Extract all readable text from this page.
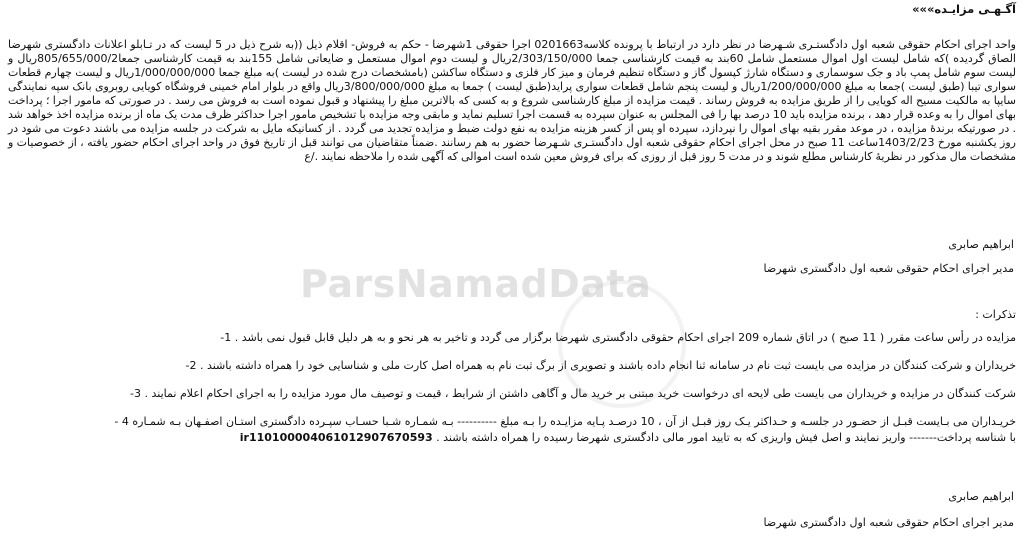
آگـهـی مزایـده»»»
واحد اجرای احکام حقوقی شعبه اول دادگستـری شـهرضا در نظر دارد در ارتباط با پرونده کلاسه0201663 اجرا حقوقی 1شهرضا - حکم به فروش- اقلام ذیل ((به شرح ذیل در 5 لیست که در تـابلو اعلانات دادگستری شهرضا الصاق گردیده )که شامل لیست اول اموال مستعمل شامل 60بند به قیمت کارشناسی جمعا 2/303/150/000ریال و لیست دوم اموال مستعمل و ضایعاتی شامل 155بند به قیمت کارشناسی جمعا805/655/000/2ریال و لیست سوم شامل پمپ باد و جک سوسماری و دستگاه شارژ کپسول گاز و دستگاه تنظیم فرمان و میز کار فلزی و دستگاه ساکشن (بامشخصات درج شده در لیست )به مبلغ جمعا 1/000/000/000ریال و لیست چهارم قطعات سواری تیبا (طبق لیست )جمعا به مبلغ 1/200/000/000ریال و لیست پنجم شامل قطعات سواری پراید(طبق لیست ) جمعا به مبلغ 3/800/000/000ریال واقع در بلوار امام خمینی فروشگاه کویایی روبروی بانک سپه نمایندگی سایپا به مالکیت مسیح اله کویایی را از طریق مزایده به فروش رساند . قیمت مزایده از مبلغ کارشناسی شروع و به کسی که بالاترین مبلغ را پیشنهاد و قبول نموده است به فروش می رسد . در صورتی که مامور اجرا ؛ پرداخت بهای اموال را به وعده قرار دهد ، برنده مزایده باید 10 درصد بها را فی المجلس به عنوان سپرده به قسمت اجرا تسلیم نماید و مابقی وجه مزایده با تشخیص مامور اجرا حداکثر ظرف مدت یک ماه از برنده مزایده اخذ خواهد شد . در صورتیکه برندۀ مزایده ، در موعد مقرر بقیه بهای اموال را نپردازد، سپرده او پس از کسر هزینه مزایده به نفع دولت ضبط و مزایده تجدید می گردد . از کسانیکه مایل به شرکت در جلسه مزایده می باشند دعوت می شود در روز یکشنبه مورخ 1403/2/23ساعت 11 صبح در محل اجرای احکام حقوقی شعبه اول دادگستـری شـهرضا حضور به هم رسانند .ضمناً متقاضیان می توانند قبل از تاریخ فوق در واحد اجرای احکام حضور یافته ، از خصوصیات و مشخصات مال مذکور در نظریۀ کارشناس مطلع شوند و در مدت 5 روز قبل از روزی که برای فروش معین شده است اموالی که آگهی شده را ملاحظه نمایند ./ع
ابراهیم صابری
مدیر اجرای احکام حقوقی شعبه اول دادگستری شهرضا
تذکرات :
مزایده در رأس ساعت مقرر ( 11 صبح ) در اتاق شماره 209 اجرای احکام حقوقی دادگستری شهرضا برگزار می گردد و تاخیر به هر نحو و به هر دلیل قابل قبول نمی باشد . 1-
خریداران و شرکت کنندگان در مزایده می بایست ثبت نام در سامانه ثنا انجام داده باشند و تصویری از برگ ثبت نام به همراه اصل کارت ملی و شناسایی خود را همراه داشته باشند . 2-
شرکت کنندگان در مزایده و خریداران می بایست طی لایحه ای درخواست خرید مبتنی بر خرید مال و آگاهی داشتن از شرایط ، قیمت و توصیف مال مورد مزایده را به اجرای احکام اعلام نمایند . 3-
خریـداران می بـایست قبـل از حضـور در جلسـه و حـداکثر یـک روز قبـل از آن ، 10 درصـد پـایه مزایـده را بـه مبلغ ---------- بـه شمـاره شـبا حسـاب سپـرده دادگستری استـان اصفـهان بـه شمـاره 4 -
با شناسه پرداخت------- واریز نمایند و اصل فیش واریزی که به تایید امور مالی دادگستری شهرضا رسیده را همراه داشته باشند . ir110100004061012907670593
ابراهیم صابری
مدیر اجرای احکام حقوقی شعبه اول دادگستری شهرضا
ParsNamadData
